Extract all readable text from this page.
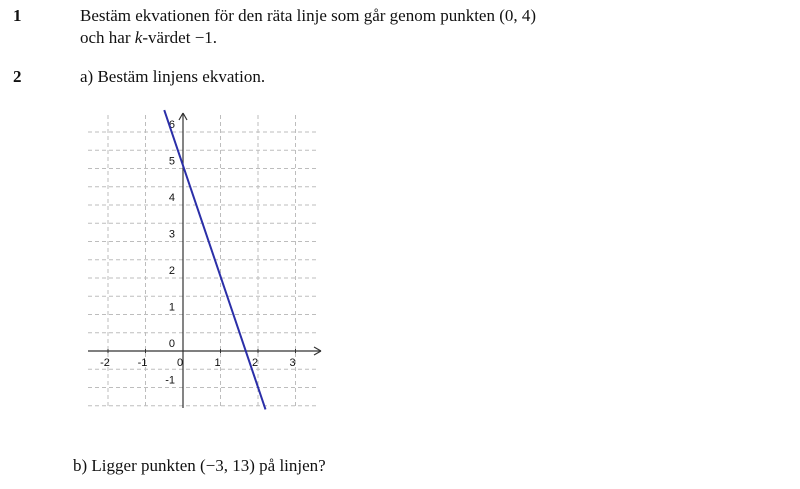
1	Bestäm ekvationen för den räta linje som går genom punkten (0, 4)
och har k-värdet −1.
2	a) Bestäm linjens ekvation.
-2	-1	0	1	2	3
-1
0
1
2
3
4
5
6
b) Ligger punkten (−3, 13) på linjen?
